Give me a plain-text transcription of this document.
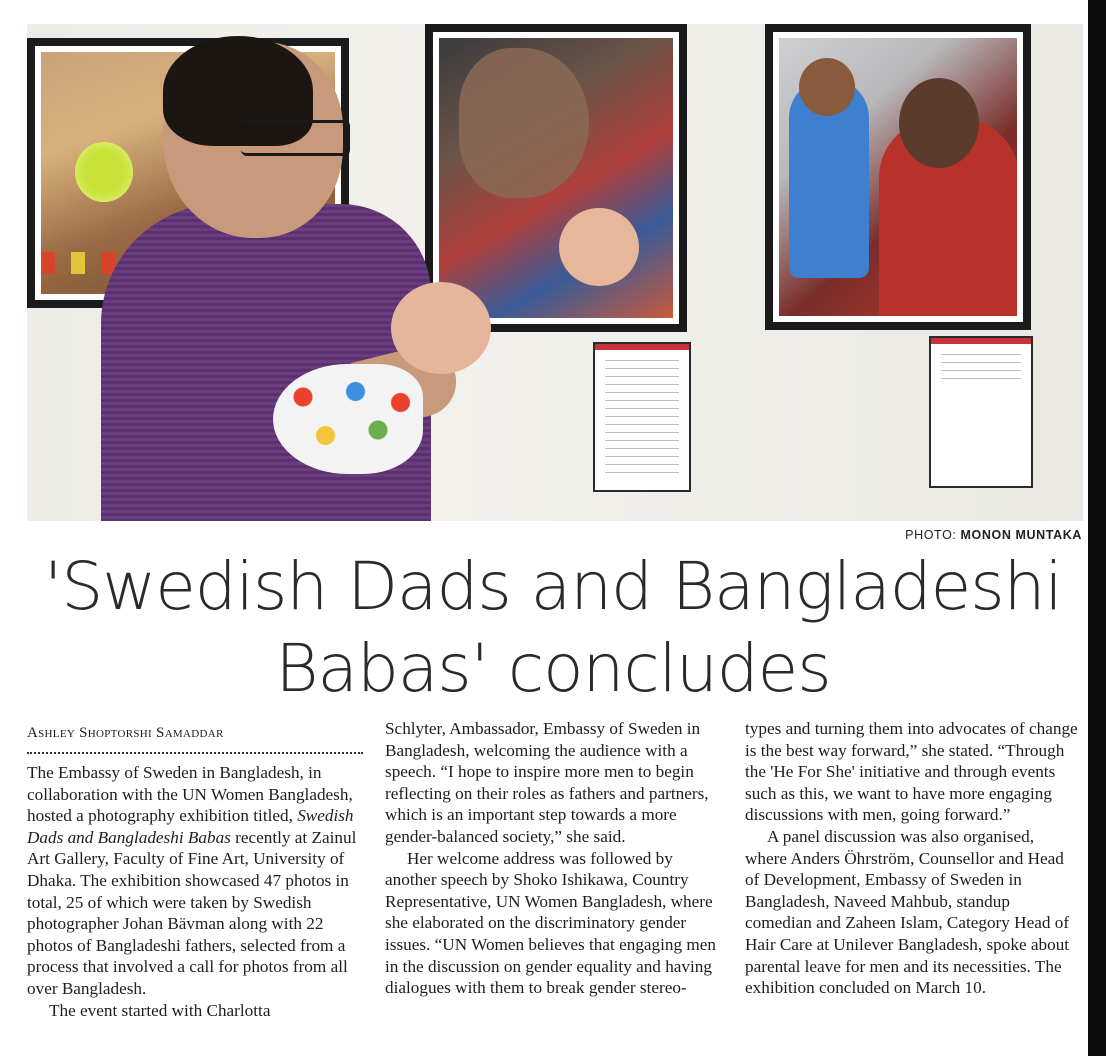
PHOTO: MONON MUNTAKA
'Swedish Dads and Bangladeshi Babas' concludes
Ashley Shoptorshi Samaddar

The Embassy of Sweden in Bangladesh, in collaboration with the UN Women Bangladesh, hosted a photography exhibition titled, Swedish Dads and Bangladeshi Babas recently at Zainul Art Gallery, Faculty of Fine Art, University of Dhaka. The exhibition showcased 47 photos in total, 25 of which were taken by Swedish photographer Johan Bävman along with 22 photos of Bangladeshi fathers, selected from a process that involved a call for photos from all over Bangladesh.

The event started with Charlotta

Schlyter, Ambassador, Embassy of Sweden in Bangladesh, welcoming the audience with a speech. “I hope to inspire more men to begin reflecting on their roles as fathers and partners, which is an important step towards a more gender-balanced society,” she said.

Her welcome address was followed by another speech by Shoko Ishikawa, Country Representative, UN Women Bangladesh, where she elaborated on the discriminatory gender issues. “UN Women believes that engaging men in the discussion on gender equality and having dialogues with them to break gender stereo-

types and turning them into advocates of change is the best way forward,” she stated. “Through the 'He For She' initiative and through events such as this, we want to have more engaging discussions with men, going forward.”

A panel discussion was also organised, where Anders Öhrström, Counsellor and Head of Development, Embassy of Sweden in Bangladesh, Naveed Mahbub, standup comedian and Zaheen Islam, Category Head of Hair Care at Unilever Bangladesh, spoke about parental leave for men and its necessities. The exhibition concluded on March 10.
